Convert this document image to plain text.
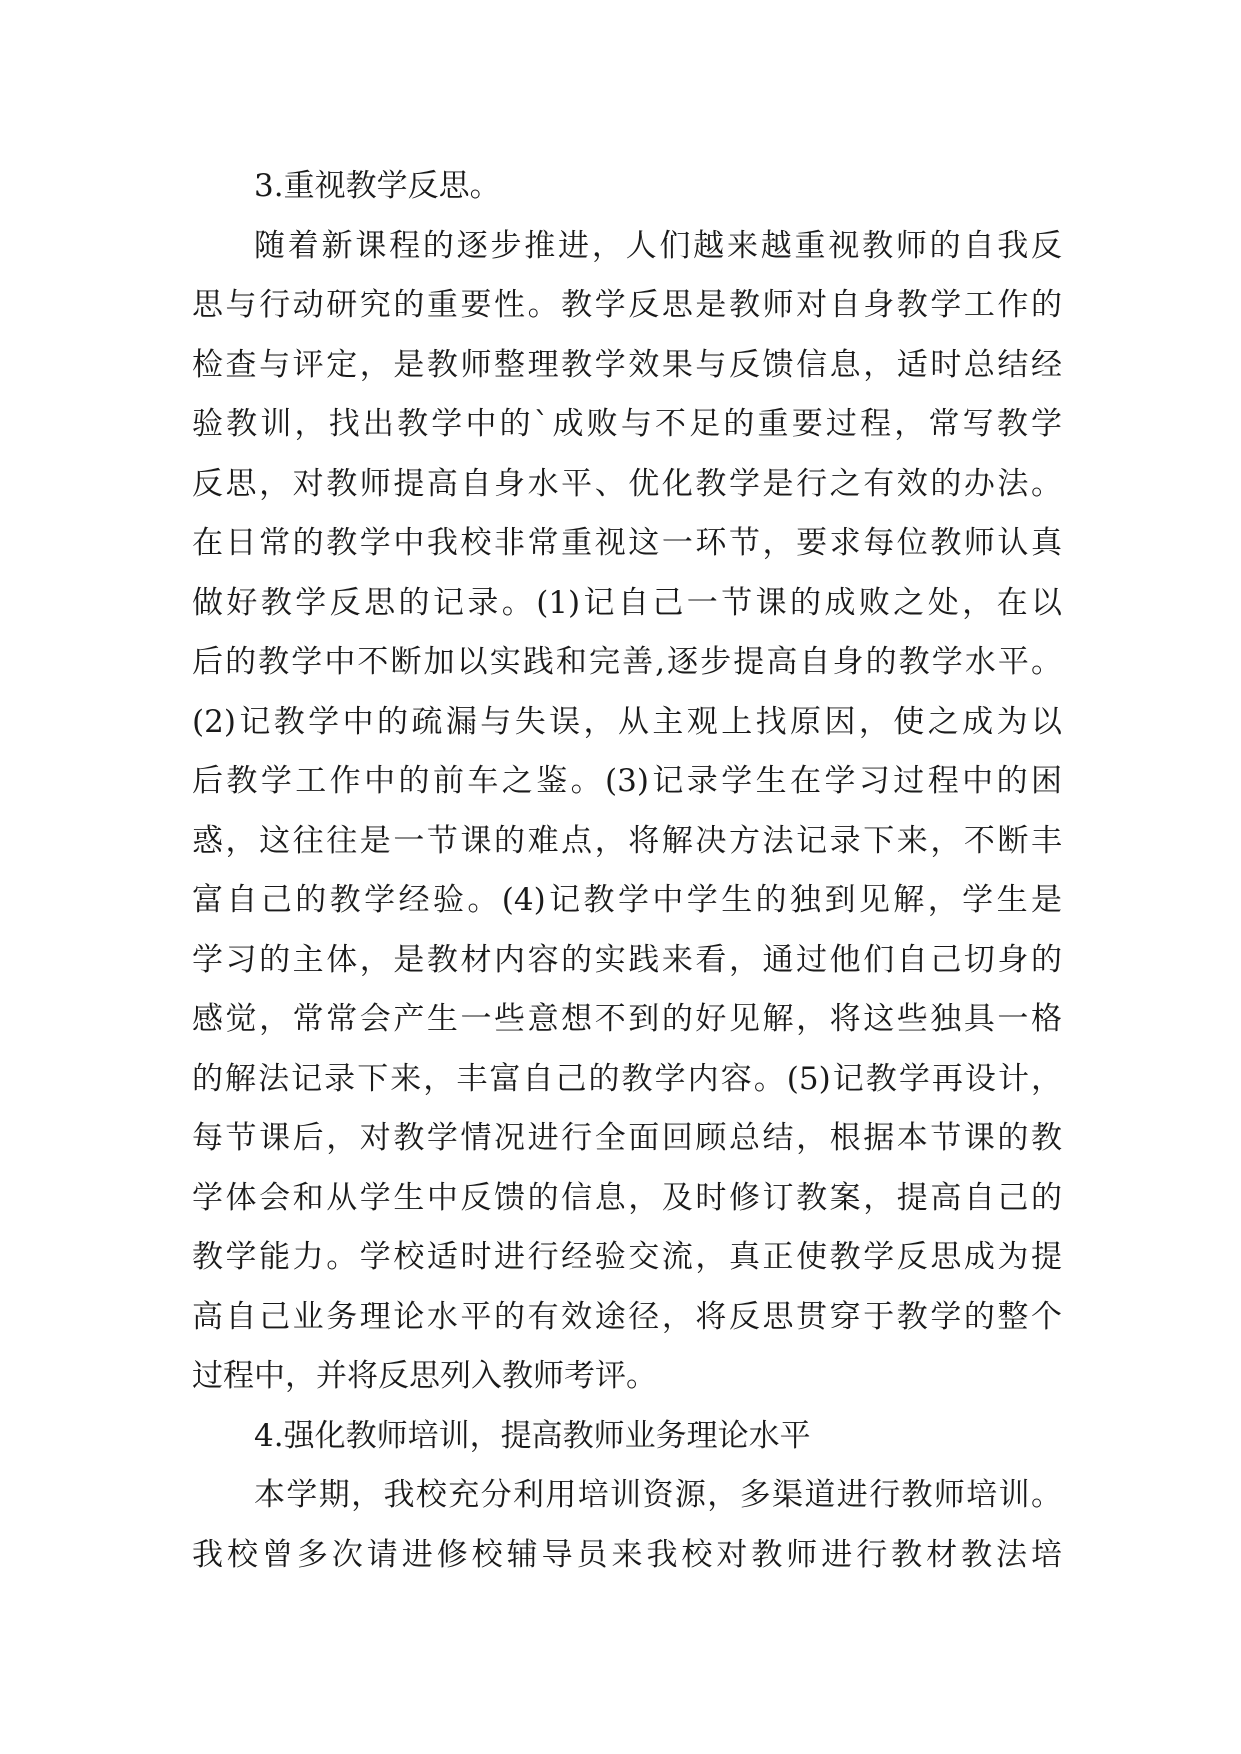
3.重视教学反思。
随着新课程的逐步推进，人们越来越重视教师的自我反
思与行动研究的重要性。教学反思是教师对自身教学工作的
检查与评定，是教师整理教学效果与反馈信息，适时总结经
验教训，找出教学中的`成败与不足的重要过程，常写教学
反思，对教师提高自身水平、优化教学是行之有效的办法。
在日常的教学中我校非常重视这一环节，要求每位教师认真
做好教学反思的记录。(1)记自己一节课的成败之处，在以
后的教学中不断加以实践和完善,逐步提高自身的教学水平。
(2)记教学中的疏漏与失误，从主观上找原因，使之成为以
后教学工作中的前车之鉴。(3)记录学生在学习过程中的困
惑，这往往是一节课的难点，将解决方法记录下来，不断丰
富自己的教学经验。(4)记教学中学生的独到见解，学生是
学习的主体，是教材内容的实践来看，通过他们自己切身的
感觉，常常会产生一些意想不到的好见解，将这些独具一格
的解法记录下来，丰富自己的教学内容。(5)记教学再设计，
每节课后，对教学情况进行全面回顾总结，根据本节课的教
学体会和从学生中反馈的信息，及时修订教案，提高自己的
教学能力。学校适时进行经验交流，真正使教学反思成为提
高自己业务理论水平的有效途径，将反思贯穿于教学的整个
过程中，并将反思列入教师考评。
4.强化教师培训，提高教师业务理论水平
本学期，我校充分利用培训资源，多渠道进行教师培训。
我校曾多次请进修校辅导员来我校对教师进行教材教法培
